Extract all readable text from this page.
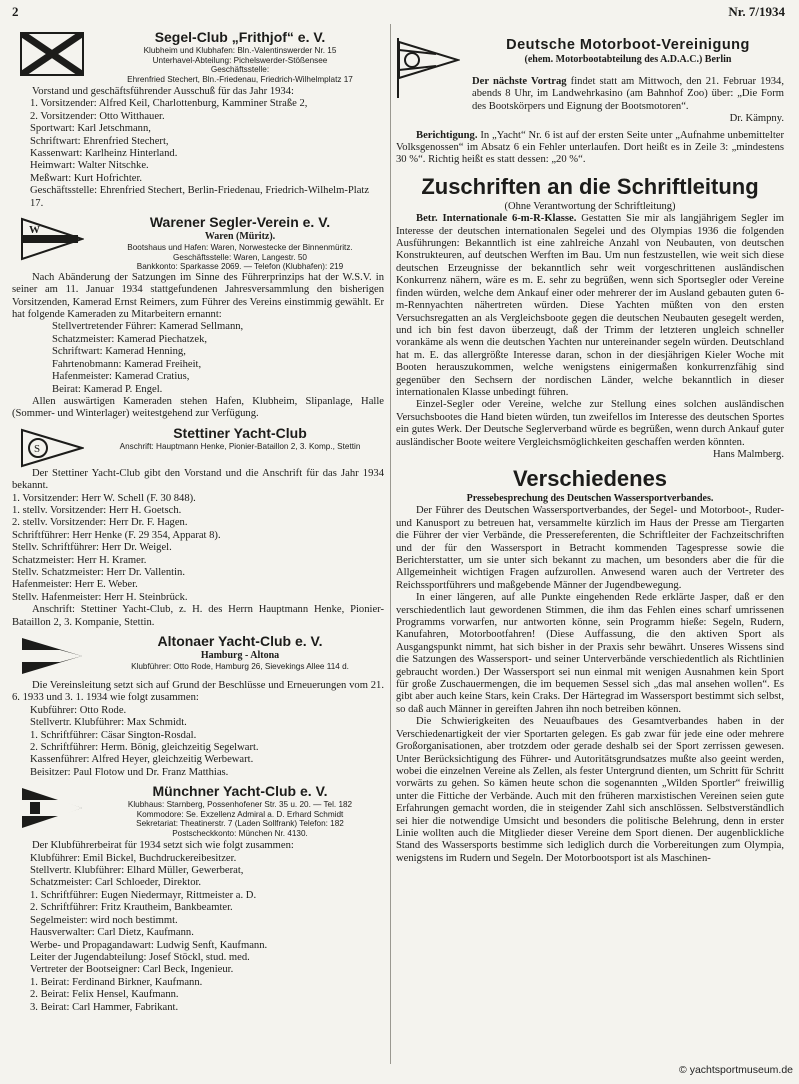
2	Nr. 7/1934
Segel-Club „Frithjof“ e. V.
Klubheim und Klubhafen: Bln.-Valentinswerder Nr. 15
Unterhavel-Abteilung: Pichelswerder-Stößensee
Geschäftsstelle:
Ehrenfried Stechert, Bln.-Friedenau, Friedrich-Wilhelmplatz 17
Vorstand und geschäftsführender Ausschuß für das Jahr 1934:
1. Vorsitzender: Alfred Keil, Charlottenburg, Kamminer Straße 2,
2. Vorsitzender: Otto Witthauer.
Sportwart: Karl Jetschmann,
Schriftwart: Ehrenfried Stechert,
Kassenwart: Karlheinz Hinterland.
Heimwart: Walter Nitschke.
Meßwart: Kurt Hofrichter.
Geschäftsstelle: Ehrenfried Stechert, Berlin-Friedenau, Friedrich-Wilhelm-Platz 17.
W	Warener Segler-Verein e. V.
Waren (Müritz).
Bootshaus und Hafen: Waren, Norwestecke der Binnenmüritz.
Geschäftsstelle: Waren, Langestr. 50
Bankkonto: Sparkasse 2069. — Telefon (Klubhafen): 219
Nach Abänderung der Satzungen im Sinne des Führerprinzips hat der W.S.V. in seiner am 11. Januar 1934 stattgefundenen Jahresversammlung den bisherigen Vorsitzenden, Kamerad Ernst Reimers, zum Führer des Vereins einstimmig gewählt. Er hat folgende Kameraden zu Mitarbeitern ernannt:
Stellvertretender Führer: Kamerad Sellmann,
Schatzmeister: Kamerad Piechatzek,
Schriftwart: Kamerad Henning,
Fahrtenobmann: Kamerad Freiheit,
Hafenmeister: Kamerad Cratius,
Beirat: Kamerad P. Engel.
Allen auswärtigen Kameraden stehen Hafen, Klubheim, Slipanlage, Halle (Sommer- und Winterlager) weitestgehend zur Verfügung.
S
Stettiner Yacht-Club
Anschrift: Hauptmann Henke, Pionier-Bataillon 2, 3. Komp., Stettin
Der Stettiner Yacht-Club gibt den Vorstand und die Anschrift für das Jahr 1934 bekannt.
1. Vorsitzender: Herr W. Schell (F. 30 848).
1. stellv. Vorsitzender: Herr H. Goetsch.
2. stellv. Vorsitzender: Herr Dr. F. Hagen.
Schriftführer: Herr Henke (F. 29 354, Apparat 8).
Stellv. Schriftführer: Herr Dr. Weigel.
Schatzmeister: Herr H. Kramer.
Stellv. Schatzmeister: Herr Dr. Vallentin.
Hafenmeister: Herr E. Weber.
Stellv. Hafenmeister: Herr H. Steinbrück.
Anschrift: Stettiner Yacht-Club, z. H. des Herrn Hauptmann Henke, Pionier-Bataillon 2, 3. Kompanie, Stettin.
Altonaer Yacht-Club e. V.
Hamburg - Altona
Klubführer: Otto Rode, Hamburg 26, Sievekings Allee 114 d.
Die Vereinsleitung setzt sich auf Grund der Beschlüsse und Erneuerungen vom 21. 6. 1933 und 3. 1. 1934 wie folgt zusammen:
Kubführer: Otto Rode.
Stellvertr. Klubführer: Max Schmidt.
1. Schriftführer: Cäsar Sington-Rosdal.
2. Schriftführer: Herm. Bönig, gleichzeitig Segelwart.
Kassenführer: Alfred Heyer, gleichzeitig Werbewart.
Beisitzer: Paul Flotow und Dr. Franz Matthias.
Münchner Yacht-Club e. V.
Klubhaus: Starnberg, Possenhofener Str. 35 u. 20. — Tel. 182
Kommodore: Se. Exzellenz Admiral a. D. Erhard Schmidt
Sekretariat: Theatinerstr. 7 (Laden Sollfrank) Telefon: 182
Postscheckkonto: München Nr. 4130.
Der Klubführerbeirat für 1934 setzt sich wie folgt zusammen:
Klubführer: Emil Bickel, Buchdruckereibesitzer.
Stellvertr. Klubführer: Elhard Müller, Gewerberat,
Schatzmeister: Carl Schloeder, Direktor.
1. Schriftführer: Eugen Niedermayr, Rittmeister a. D.
2. Schriftführer: Fritz Krautheim, Bankbeamter.
Segelmeister: wird noch bestimmt.
Hausverwalter: Carl Dietz, Kaufmann.
Werbe- und Propagandawart: Ludwig Senft, Kaufmann.
Leiter der Jugendabteilung: Josef Stöckl, stud. med.
Vertreter der Bootseigner: Carl Beck, Ingenieur.
1. Beirat: Ferdinand Birkner, Kaufmann.
2. Beirat: Felix Hensel, Kaufmann.
3. Beirat: Carl Hammer, Fabrikant.
Deutsche Motorboot-Vereinigung
(ehem. Motorbootabteilung des A.D.A.C.) Berlin
Der nächste Vortrag findet statt am Mittwoch, den 21. Februar 1934, abends 8 Uhr, im Landwehrkasino (am Bahnhof Zoo) über: „Die Form des Bootskörpers und Eignung der Bootsmotoren“.
Dr. Kämpny.
Berichtigung. In „Yacht“ Nr. 6 ist auf der ersten Seite unter „Aufnahme unbemittelter Volksgenossen“ im Absatz 6 ein Fehler unterlaufen. Dort heißt es in Zeile 3: „mindestens 30 %“. Richtig heißt es statt dessen: „20 %“.
Zuschriften an die Schriftleitung
(Ohne Verantwortung der Schriftleitung)
Betr. Internationale 6-m-R-Klasse. Gestatten Sie mir als langjährigem Segler im Interesse der deutschen internationalen Segelei und des Olympias 1936 die folgenden Ausführungen: Bekanntlich ist eine zahlreiche Anzahl von Neubauten, von deutschen Konstrukteuren, auf deutschen Werften im Bau. Um nun festzustellen, wie weit sich diese deutschen Erzeugnisse der bekanntlich sehr weit vorgeschrittenen ausländischen Konkurrenz nähern, wäre es m. E. sehr zu begrüßen, wenn sich Sportsegler oder Vereine finden würden, welche dem Ankauf einer oder mehrerer der im Ausland gebauten guten 6-m-Rennyachten nähertreten würden. Diese Yachten müßten von den ersten Versuchsregatten an als Vergleichsboote gegen die deutschen Neubauten gesegelt werden, und ich bin fest davon überzeugt, daß der Trimm der letzteren ungleich schneller vorankäme als wenn die deutschen Yachten nur untereinander segeln würden. Deutschland hat m. E. das allergrößte Interesse daran, schon in der diesjährigen Kieler Woche mit Booten herauszukommen, welche wenigstens einigermaßen konkurrenzfähig sind gegenüber den Sechsern der nordischen Länder, welche bekanntlich in dieser internationalen Klasse unbedingt führen.
Einzel-Segler oder Vereine, welche zur Stellung eines solchen ausländischen Versuchsbootes die Hand bieten würden, tun zweifellos im Interesse des deutschen Sportes ein gutes Werk. Der Deutsche Seglerverband würde es begrüßen, wenn durch Ankauf guter ausländischer Boote weitere Vergleichsmöglichkeiten geschaffen werden könnten.
Hans Malmberg.
Verschiedenes
Pressebesprechung des Deutschen Wassersportverbandes.
Der Führer des Deutschen Wassersportverbandes, der Segel- und Motorboot-, Ruder- und Kanusport zu betreuen hat, versammelte kürzlich im Haus der Presse am Tiergarten die Führer der vier Verbände, die Pressereferenten, die Schriftleiter der Fachzeitschriften und der für den Wassersport in Betracht kommenden Tagespresse sowie die Berichterstatter, um sie unter sich bekannt zu machen, um besonders aber die für die Allgemeinheit wichtigen Fragen aufzurollen. Anwesend waren auch der Vertreter des Reichssportführers und maßgebende Männer der Jugendbewegung.
In einer längeren, auf alle Punkte eingehenden Rede erklärte Jasper, daß er den verschiedentlich laut gewordenen Stimmen, die ihm das Fehlen eines scharf umrissenen Programms vorwarfen, nur antworten könne, sein Programm hieße: Segeln, Rudern, Kanufahren, Motorbootfahren! (Diese Auffassung, die den aktiven Sport als Ausgangspunkt nimmt, hat sich bisher in der Praxis sehr bewährt. Unseres Wissens sind die Satzungen des Wassersport- und seiner Unterverbände verschiedentlich als Richtlinien gebraucht worden.) Der Wassersport sei nun einmal mit wenigen Ausnahmen kein Sport für große Zuschauermengen, die im bequemen Sessel sich „das mal ansehen wollen“. Es gibt aber auch keine Stars, kein Craks. Der Härtegrad im Wassersport bestimmt sich selbst, so daß auch Männer in gereiften Jahren ihn noch betreiben können.
Die Schwierigkeiten des Neuaufbaues des Gesamtverbandes haben in der Verschiedenartigkeit der vier Sportarten gelegen. Es gab zwar für jede eine oder mehrere Großorganisationen, aber trotzdem oder gerade deshalb sei der Sport zerrissen gewesen. Unter Berücksichtigung des Führer- und Autoritätsgrundsatzes mußte also geeint werden, wobei die einzelnen Vereine als Zellen, als fester Untergrund dienten, um Schritt für Schritt vorwärts zu gehen. So kämen heute schon die sogenannten „Wilden Sportler“ freiwillig unter die Fittiche der Verbände. Auch mit den früheren marxistischen Vereinen seien gute Erfahrungen gemacht worden, die in steigender Zahl sich anschlössen. Selbstverständlich sei hier die notwendige Umsicht und besonders die politische Belehrung, denn in erster Linie wollten auch die Mitglieder dieser Vereine dem Sport dienen. Der augenblickliche Stand des Wassersports bestimme sich lediglich durch die Vorbereitungen zum Olympia, wenigstens im Rudern und Segeln. Der Motorbootsport ist als Maschinen-
© yachtsportmuseum.de
